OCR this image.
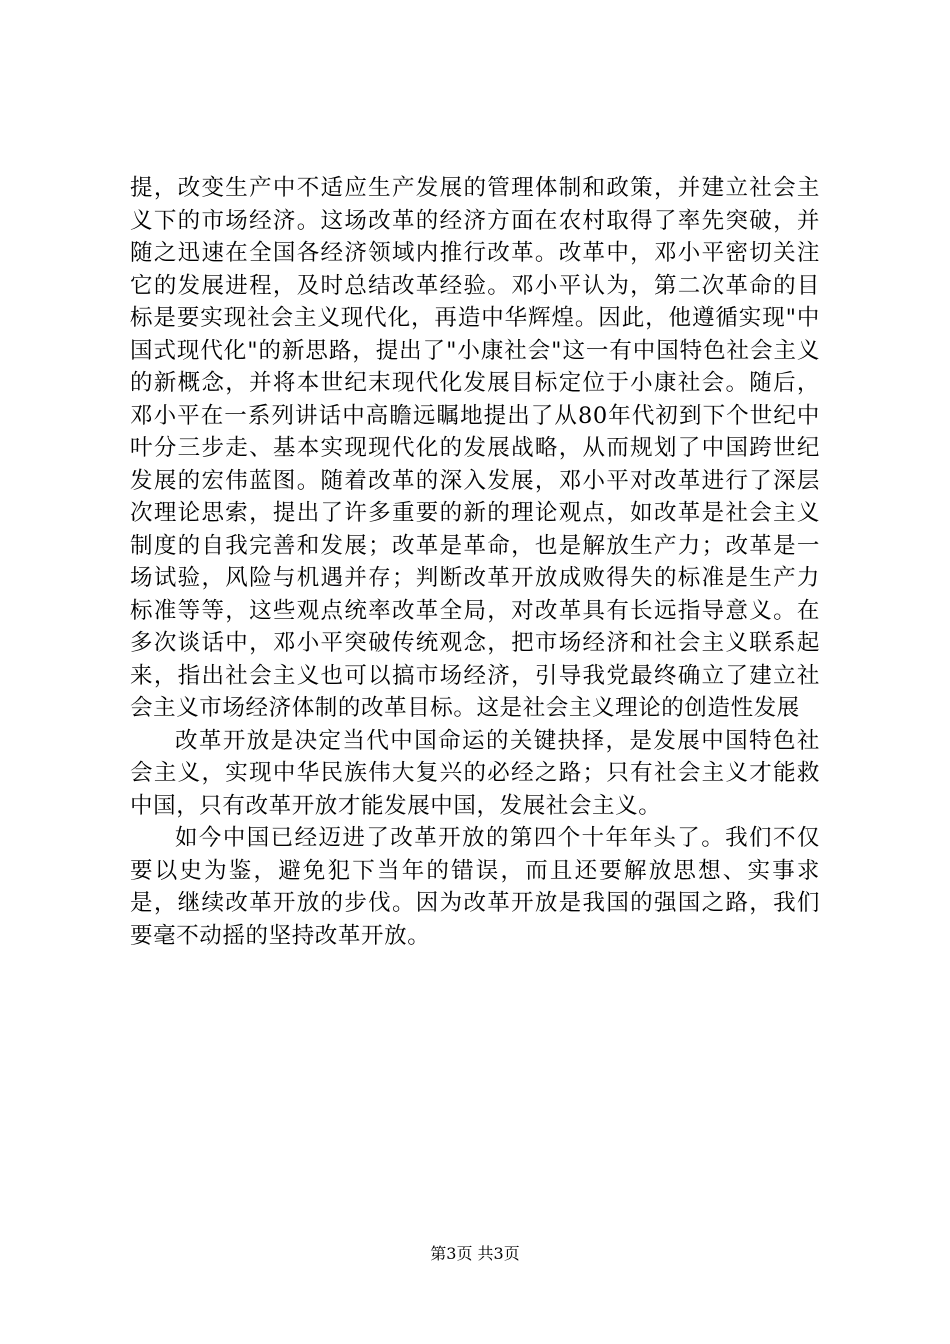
提，改变生产中不适应生产发展的管理体制和政策，并建立社会主义下的市场经济。这场改革的经济方面在农村取得了率先突破，并随之迅速在全国各经济领域内推行改革。改革中，邓小平密切关注它的发展进程，及时总结改革经验。邓小平认为，第二次革命的目标是要实现社会主义现代化，再造中华辉煌。因此，他遵循实现"中国式现代化"的新思路，提出了"小康社会"这一有中国特色社会主义的新概念，并将本世纪末现代化发展目标定位于小康社会。随后，邓小平在一系列讲话中高瞻远瞩地提出了从80年代初到下个世纪中叶分三步走、基本实现现代化的发展战略，从而规划了中国跨世纪发展的宏伟蓝图。随着改革的深入发展，邓小平对改革进行了深层次理论思索，提出了许多重要的新的理论观点，如改革是社会主义制度的自我完善和发展；改革是革命，也是解放生产力；改革是一场试验，风险与机遇并存；判断改革开放成败得失的标准是生产力标准等等，这些观点统率改革全局，对改革具有长远指导意义。在多次谈话中，邓小平突破传统观念，把市场经济和社会主义联系起来，指出社会主义也可以搞市场经济，引导我党最终确立了建立社会主义市场经济体制的改革目标。这是社会主义理论的创造性发展

改革开放是决定当代中国命运的关键抉择，是发展中国特色社会主义，实现中华民族伟大复兴的必经之路；只有社会主义才能救中国，只有改革开放才能发展中国，发展社会主义。

如今中国已经迈进了改革开放的第四个十年年头了。我们不仅要以史为鉴，避免犯下当年的错误，而且还要解放思想、实事求是，继续改革开放的步伐。因为改革开放是我国的强国之路，我们要毫不动摇的坚持改革开放。

第3页 共3页
